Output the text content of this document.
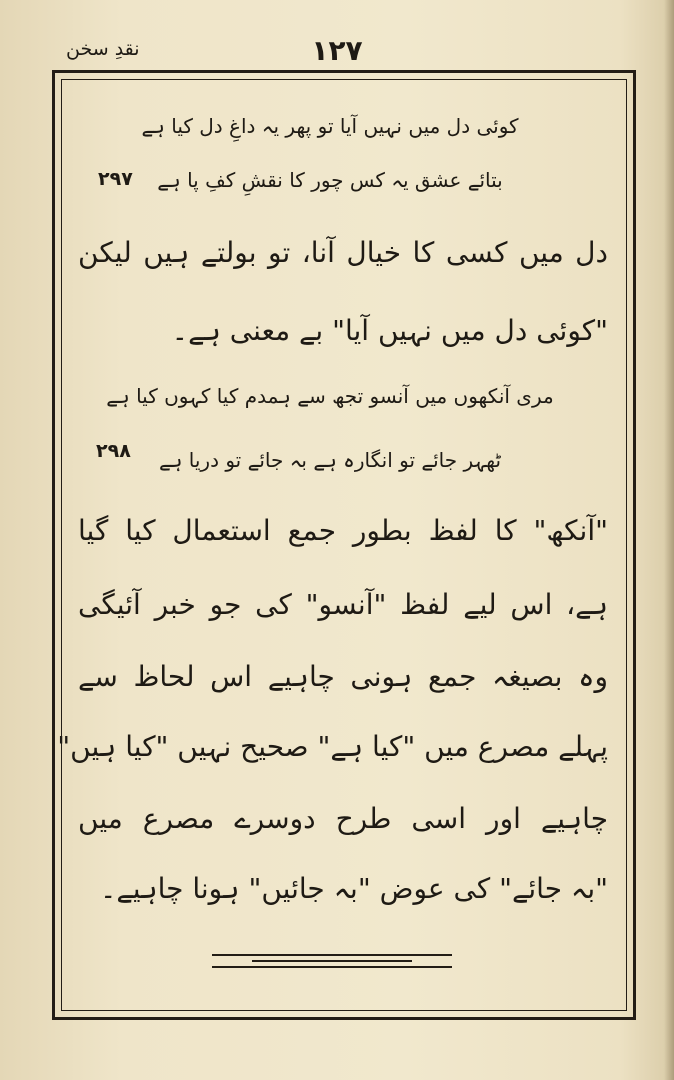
نقدِ سخن	۱۲۷
کوئی دل میں نہیں آیا تو پھر یہ داغِ دل کیا ہے
بتائے عشق یہ کس چور کا نقشِ کفِ پا ہے
۲۹۷
دل میں کسی کا خیال آنا، تو بولتے ہیں لیکن
"کوئی دل میں نہیں آیا" بے معنی ہے۔
مری آنکھوں میں آنسو تجھ سے ہمدم کیا کہوں کیا ہے
ٹھہر جائے تو انگارہ ہے بہ جائے تو دریا ہے
۲۹۸
"آنکھ" کا لفظ بطور جمع استعمال کیا گیا
ہے، اس لیے لفظ "آنسو" کی جو خبر آئیگی
وہ بصیغہ جمع ہونی چاہیے اس لحاظ سے
پہلے مصرع میں "کیا ہے" صحیح نہیں "کیا ہیں"
چاہیے اور اسی طرح دوسرے مصرع میں
"بہ جائے" کی عوض "بہ جائیں" ہونا چاہیے۔
